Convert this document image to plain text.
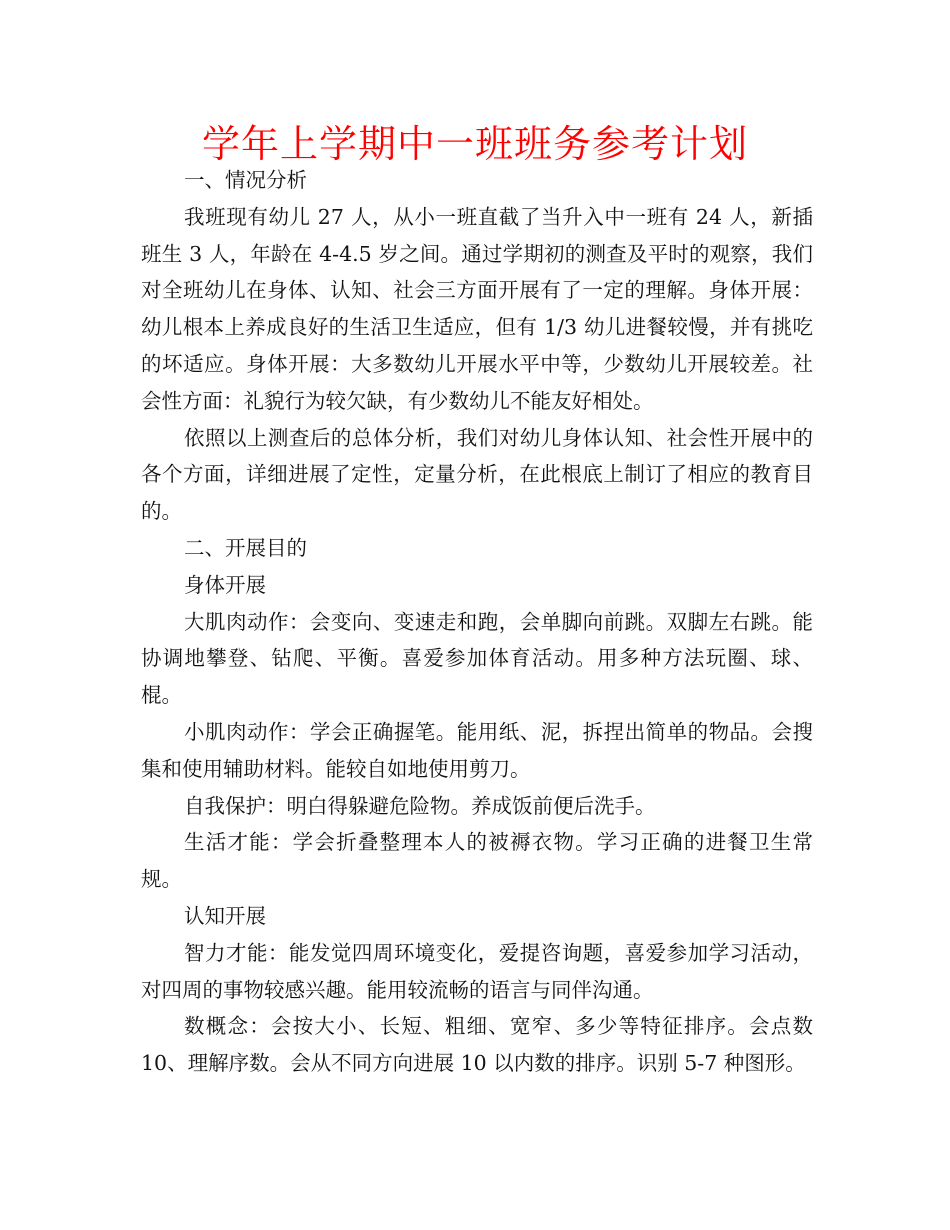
学年上学期中一班班务参考计划

一、情况分析

我班现有幼儿 27 人，从小一班直截了当升入中一班有 24 人，新插班生 3 人，年龄在 4-4.5 岁之间。通过学期初的测查及平时的观察，我们对全班幼儿在身体、认知、社会三方面开展有了一定的理解。身体开展：幼儿根本上养成良好的生活卫生适应，但有 1/3 幼儿进餐较慢，并有挑吃的坏适应。身体开展：大多数幼儿开展水平中等，少数幼儿开展较差。社会性方面：礼貌行为较欠缺，有少数幼儿不能友好相处。

依照以上测查后的总体分析，我们对幼儿身体认知、社会性开展中的各个方面，详细进展了定性，定量分析，在此根底上制订了相应的教育目的。

二、开展目的

身体开展

大肌肉动作：会变向、变速走和跑，会单脚向前跳。双脚左右跳。能协调地攀登、钻爬、平衡。喜爱参加体育活动。用多种方法玩圈、球、棍。

小肌肉动作：学会正确握笔。能用纸、泥，拆捏出简单的物品。会搜集和使用辅助材料。能较自如地使用剪刀。

自我保护：明白得躲避危险物。养成饭前便后洗手。

生活才能：学会折叠整理本人的被褥衣物。学习正确的进餐卫生常规。

认知开展

智力才能：能发觉四周环境变化，爱提咨询题，喜爱参加学习活动，对四周的事物较感兴趣。能用较流畅的语言与同伴沟通。

数概念：会按大小、长短、粗细、宽窄、多少等特征排序。会点数 10、理解序数。会从不同方向进展 10 以内数的排序。识别 5-7 种图形。
